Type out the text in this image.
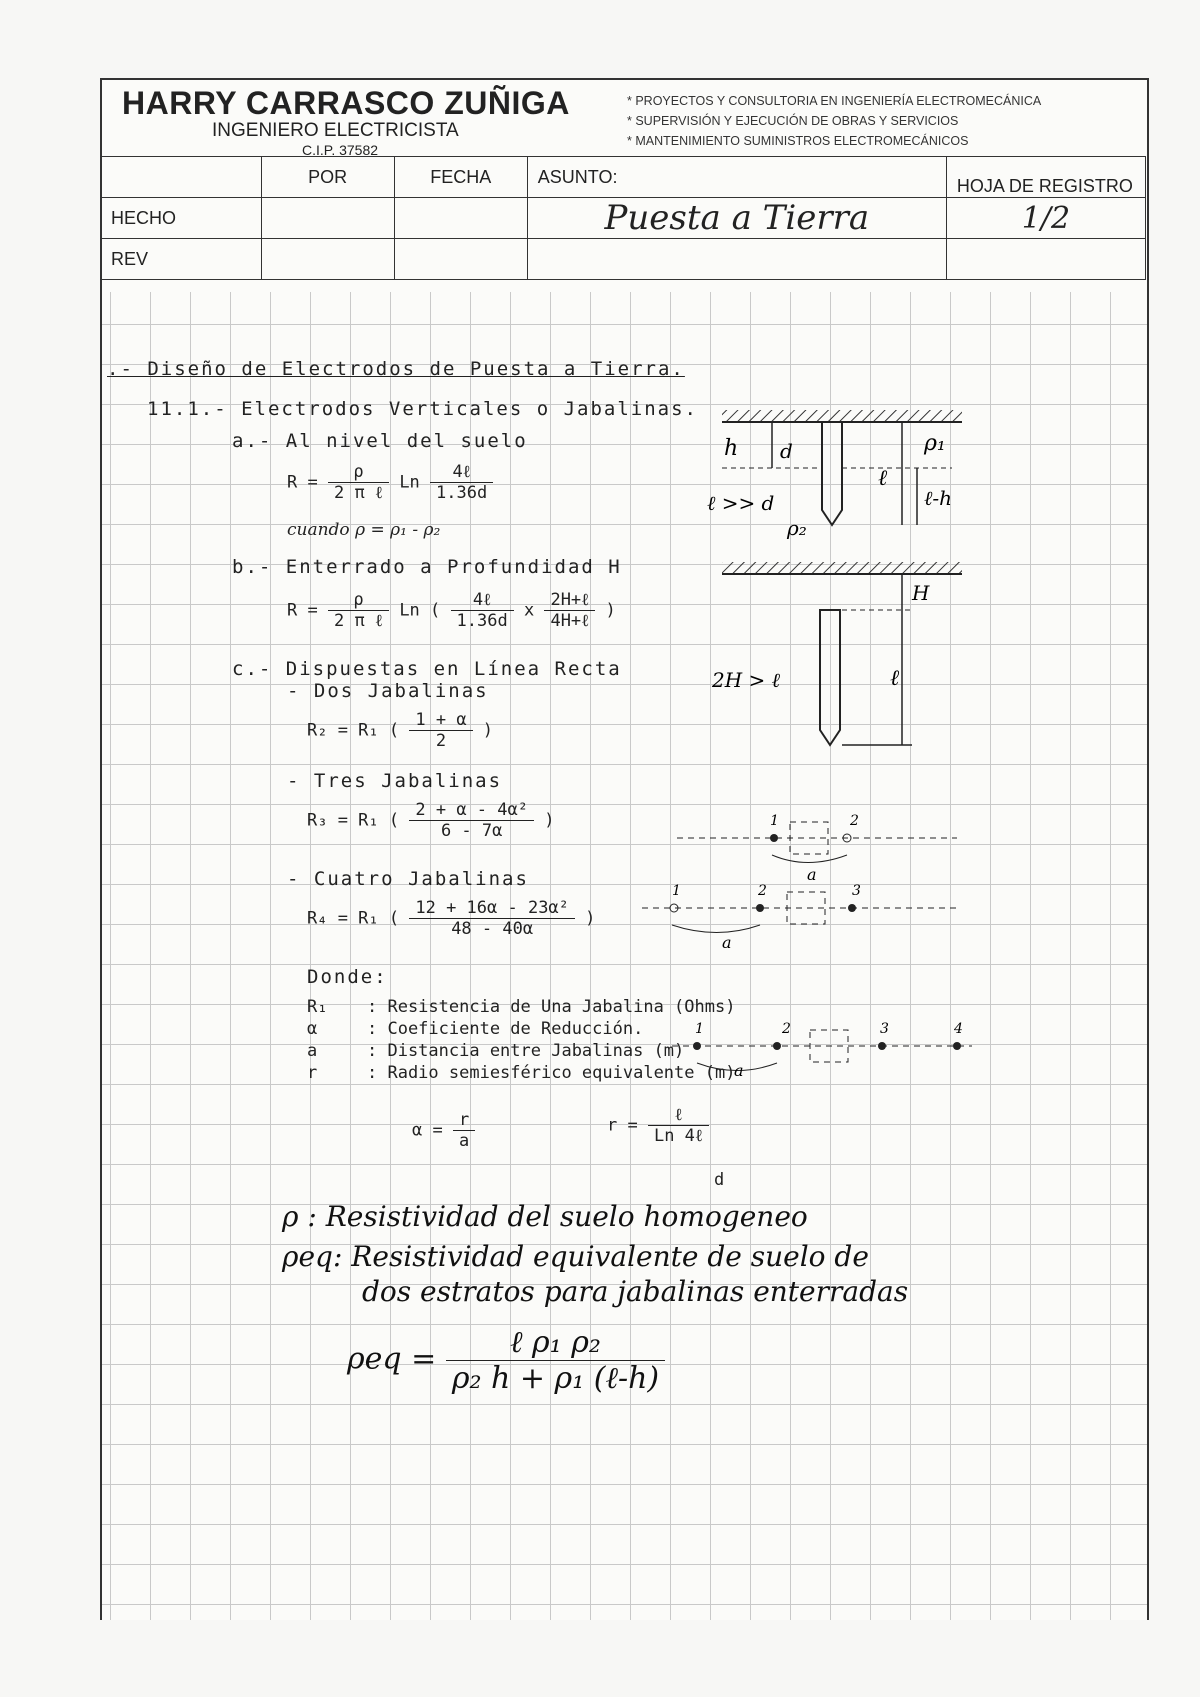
HARRY CARRASCO ZUÑIGA
INGENIERO ELECTRICISTA
C.I.P. 37582
* PROYECTOS Y CONSULTORIA EN INGENIERÍA ELECTROMECÁNICA
* SUPERVISIÓN Y EJECUCIÓN DE OBRAS Y SERVICIOS
* MANTENIMIENTO SUMINISTROS ELECTROMECÁNICOS
	POR	FECHA	ASUNTO:	HOJA DE REGISTRO
HECHO			Puesta a Tierra	1/2
REV				
.- Diseño de Electrodos de Puesta a Tierra.
11.1.- Electrodos Verticales o Jabalinas.
a.- Al nivel del suelo
$R = \frac{\rho}{\text{2 π ℓ}}$ Ln $\frac{\text{4ℓ}}{1.36d}$
cuando ρ = ρ₁ - ρ₂
b.- Enterrado a Profundidad H
$R = \frac{\rho}{\text{2 π ℓ}}$ Ln ( $\frac{\text{4ℓ}}{1.36d}$ x $\frac{\text{2H+ℓ}}{\text{4H+ℓ}}$ )
c.- Dispuestas en Línea Recta
- Dos Jabalinas
R₂ = R₁ ( $\frac{1 + \alpha}{2}$ )
- Tres Jabalinas
R₃ = R₁ ( $\frac{\text{2 + α - 4α²}}{6 - 7\alpha}$ )
- Cuatro Jabalinas
R₄ = R₁ ( $\frac{\text{12 + 16α - 23α²}}{48 - 40\alpha}$ )
Donde:
R₁ : Resistencia de Una Jabalina (Ohms)
α	: Coeficiente de Reducción.
a	: Distancia entre Jabalinas (m)
r	: Radio semiesférico equivalente (m)
$\alpha = \frac{r}{a}$	$r = \frac{\text{ℓ}}{\text{Ln 4ℓ}}$
d
ρ : Resistividad del suelo homogeneo
ρeq: Resistividad equivalente de suelo de
dos estratos para jabalinas enterradas
$\rho eq = \frac{\text{ℓ ρ₁ ρ₂}}{\text{ρ₂ h + ρ₁ (ℓ-h)}}$
h d	ρ₁
ℓ
ℓ-h
ℓ >> d
ρ₂
H
ℓ
2H > ℓ
1	2
a
1	2	3
a
1	2	3	4
a
